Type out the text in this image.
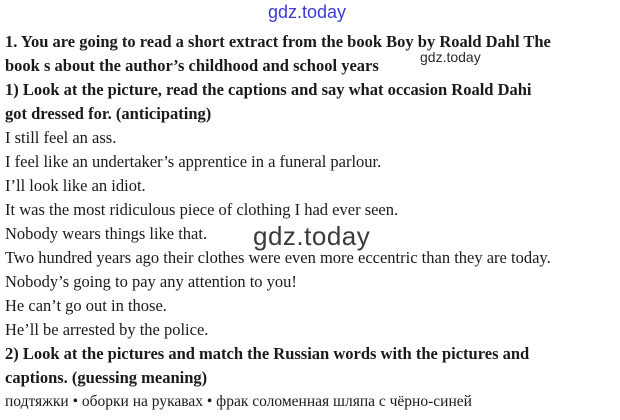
gdz.today
1. You are going to read a short extract from the book Boy by Roald Dahl The
book s about the author’s childhood and school years	gdz.today
1) Look at the picture, read the captions and say what occasion Roald Dahi
got dressed for. (anticipating)
I still feel an ass.
I feel like an undertaker’s apprentice in a funeral parlour.
I’ll look like an idiot.
It was the most ridiculous piece of clothing I had ever seen.
Nobody wears things like that.
Two hundred years ago their clothes were even more eccentric than they are today.
Nobody’s going to pay any attention to you!
He can’t go out in those.
He’ll be arrested by the police.
gdz.today
2) Look at the pictures and match the Russian words with the pictures and
captions. (guessing meaning)
подтяжки • оборки на рукавах • фрак соломенная шляпа с чёрно-синей
